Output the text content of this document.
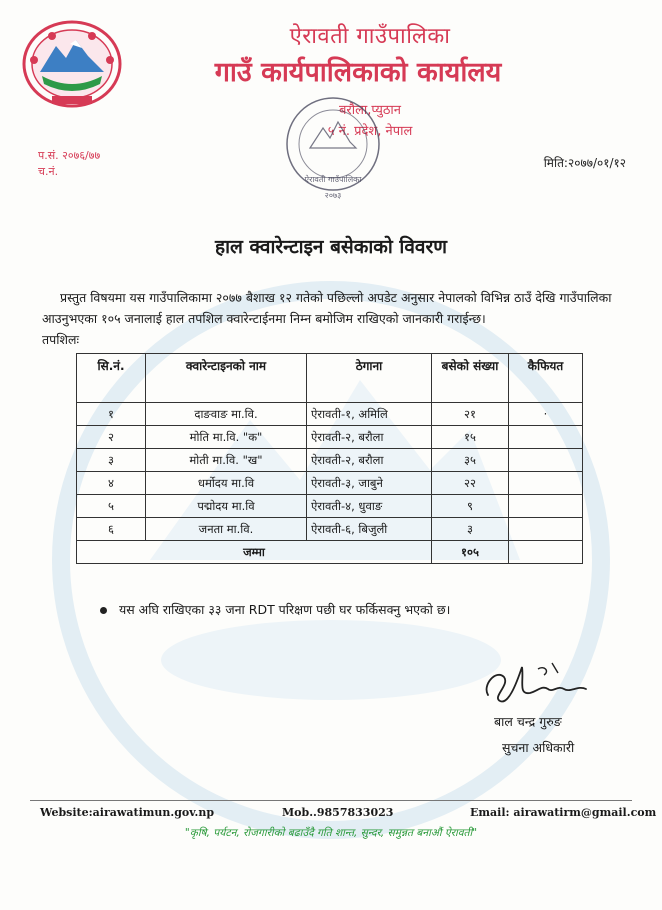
ऐरावती गाउँपालिका
गाउँ कार्यपालिकाको कार्यालय
बरौला,प्युठान
५ नं. प्रदेश, नेपाल
ऐरावती गाउँपालिका
२०७३
प.सं. २०७६/७७
च.नं.
मिति:२०७७/०१/१२
हाल क्वारेन्टाइन बसेकाको विवरण
प्रस्तुत विषयमा यस गाउँपालिकामा २०७७ बैशाख १२ गतेको पछिल्लो अपडेट अनुसार नेपालको विभिन्न ठाउँ देखि गाउँपालिका आउनुभएका १०५ जनालाई हाल तपशिल क्वारेन्टाईनमा निम्न बमोजिम राखिएको जानकारी गराईन्छ।
तपशिलः
सि.नं.	क्वारेन्टाइनको नाम	ठेगाना	बसेको संख्या	कैफियत
१	दाङवाङ मा.वि.	ऐरावती-१, अमिलि	२१	·
२	मोति मा.वि. "क"	ऐरावती-२, बरौला	१५	
३	मोती मा.वि. "ख"	ऐरावती-२, बरौला	३५	
४	धर्मोदय मा.वि	ऐरावती-३, जाबुने	२२	
५	पद्मोदय मा.वि	ऐरावती-४, धुवाङ	९	
६	जनता मा.वि.	ऐरावती-६, बिजुली	३	
जम्मा			१०५	
यस अघि राखिएका ३३ जना RDT परिक्षण पछी घर फर्किसक्नु भएको छ।
बाल चन्द्र गुरुङ
सुचना अधिकारी
Website:airawatimun.gov.np	Mob..9857833023	Email: airawatirm@gmail.com
"कृषि, पर्यटन, रोजगारीको बढाउँदै गति शान्त, सुन्दर, समुन्नत बनाऔं ऐरावती"
